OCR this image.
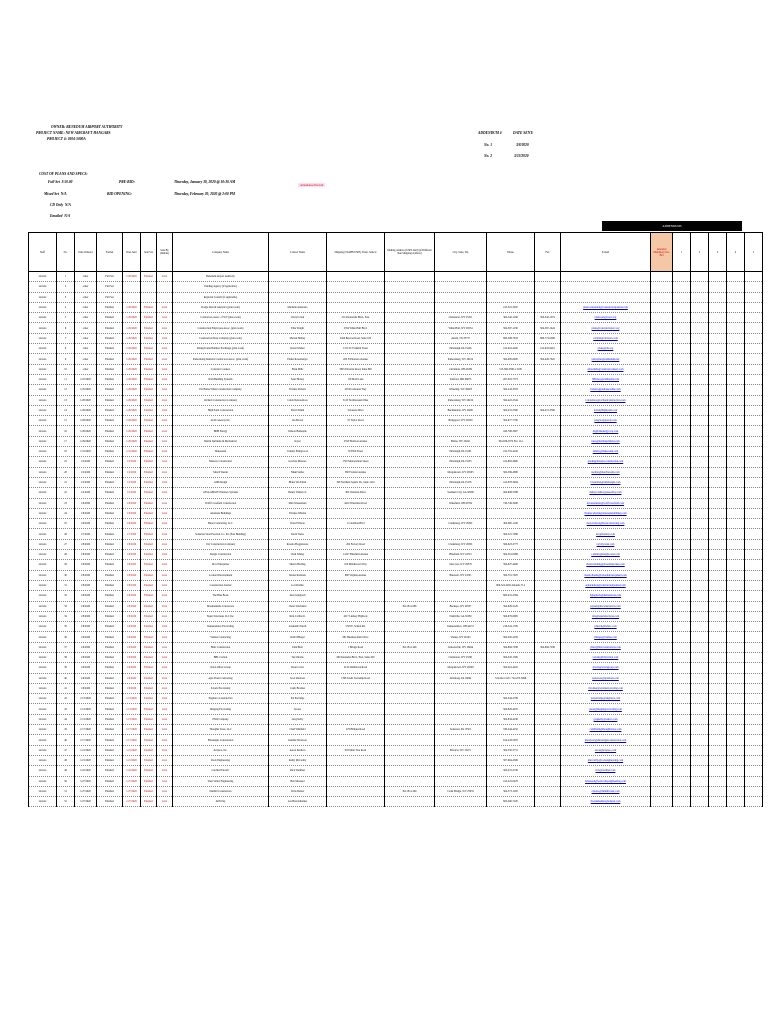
OWNER: BENEDUM AIRPORT AUTHORITY
PROJECT NAME: NEW AIRCRAFT HANGARS
PROJECT #: 0304-5000A
ADDENDUM #	DATE SENT:
No. 1	3/8/2020
No. 2	3/23/2020
COST OF PLANS AND SPECS:
Full Set $ 50.00
Mixed Set N/A
CD Only N/A
Emailed N/A
PRE-BID:	Thursday, January 30, 2020 @ 10:30 AM
Attendance Pre-bid
BID OPENING:	Thursday, February 20, 2020 @ 2:00 PM
ADDENDUMS
Staff	No.	Date Ordered	Format	Date Sent	Sent Via	Sent By (Initials)	Company Name	Contact Name	Shipping (STAPH/USPS) Street, Suite #	Mailing Address (USPS mail) (if Different than Shipping Address)	City, State, Zip	Phone	Fax	E-mail	Attended Mandatory Pre-Bid	1	2	3	4	5
xxxxxx	1	order	Full Set	1/28/2020	Emailed	xxxx	Benedum Airport Authority													
xxxxxx	2	order	Full Set				Pending Agency (if applicable)													
xxxxxx	3	order	Full Set				Regional Council (if applicable)													
xxxxxx	4	order	Emailed	1/29/2020	Emailed	xxxx	Dodge Data & Analytics (plan room)	Michelle Anastasio				415-310-5947		planroomcentral@constructionjournal.com						
xxxxxx	5	order	Emailed	1/29/2020	Emailed	xxxx	Contractors Assoc. of WV (plan room)	Cheryl Clark	2114 Kanawha Blvd., East		Charleston, WV 25311	304-342-1166	304-342-1074	planroom@cawv.org						
xxxxxx	6	order	Emailed	1/29/2020	Emailed	xxxx	Construction Employers Assoc. (plan room)	Ellie Wright	2794 White Hall Blvd.		White Hall, WV 26554	304-367-1230	304-367-1424	plans@constructionwv.org						
xxxxxx	7	order	Emailed	1/29/2020	Emailed	xxxx	Construction Data Company (plan room)	Marian Hadley	4420 Bearcat Road, Suite 100		Austin, TX 78737	800-588-7633	866-774-0098	cdcplan@cdcnews.com						
xxxxxx	8	order	Emailed	1/29/2020	Emailed	xxxx	Pennsylvania Builders Exchange (plan room)	Karen Walker	1313 W. Franklin Street		Pittsburgh, PA 15226	412-922-4200	412-922-9461	plans@pbe.org						
xxxxxx	9	order	Emailed	1/29/2020	Emailed	xxxx	Parkersburg-Marietta Contractors Assoc. (plan room)	Elaine Rosenberger	200 N Emerson Avenue		Parkersburg, WV 26104	304-485-6485	304-428-7622	pmcaplan@suddenlink.net						
xxxxxx	10	order	Emailed	1/29/2020	Emailed	xxxx	Construct Connect	Ellen Mills	3825 Edwards Road, Suite 800		Cincinnati, OH 45209	513-366-3399 x 3109		ellen.mills@constructconnect.com						
xxxxxx	11	1/25/2020	Emailed	1/29/2020	Emailed	xxxx	Roth Building Systems	Sean Hickey	118 Moth Lane		Stanford, MD 66673	267-016-7373		SHickey@rothbuilds.com						
xxxxxx	12	1/25/2020	Emailed	1/29/2020	Emailed	xxxx	Par Hanse White Construction Company	Thomas Roberts	403 Pocahontas Way		Wheeling, WV 26003	304-243-3333		troberts@parhansewhite.com						
xxxxxx	13	1/28/2020	Emailed	1/29/2020	Emailed	xxxx	Orchard Construction Company	Linda Nelson-Ross	3123 Northwestern Pike		Parkersburg, WV 26104	304-422-2344		Linda.Ross@orchardconstruction.com						
xxxxxx	14	1/28/2020	Emailed	1/29/2020	Emailed	xxxx	High Point Construction	David Smith	3 Kansas Drive		Buckhannon, WV 26201	304-472-3590	304-472-3590	david@highpoint.com						
xxxxxx	15	1/28/2020	Emailed	1/29/2020	Emailed	xxxx	ACR Gateway Inc.	Jen Brown	97 Taylor Road		Bridgeport, WV 26330	304-677-7700		jen@acrgateway.com						
xxxxxx	16	1/28/2020	Emailed	1/29/2020	Emailed	xxxx	BDB Energy	Dakota Burkepile				443-798-3607		db@bdbenergycorp.com						
xxxxxx	17	1/29/2020	Emailed	1/29/2020	Emailed	xxxx	Martin Sprinkler & Mechanical	Kaysi	2353 Harrison Avenue		Elkins, WV 26241	304-636-0372 Ext. 114		sales@martinsprinkler.com						
xxxxxx	18	1/31/2020	Emailed	1/31/2020	Emailed	xxxx	Maksoutin	Tammy Ellingwood	50 Fifth Street		Pittsburgh, PA 15201	412-781-4242		tammy@maksoutin.com						
xxxxxx	19	1/2/2020	Emailed	1/2/2020	Emailed	xxxx	Massaro Construction	Graciela Massaro	1720 Metropolitan Street		Pittsburgh, PA 15233	412-963-4600		gradin@massaroconstruction.com						
xxxxxx	20	1/2/2020	Emailed	1/2/2020	Emailed	xxxx	March Westin	Nikki Sadler	360 Frontier Avenue		Morgantown, WV 26505	304-599-4880		nsadler@marchwestin.com						
xxxxxx	21	1/2/2020	Emailed	1/2/2020	Emailed	xxxx	AIM Design	Blake Van Eman	300 Northern Square Dr., Suite 1410		Pittsburgh, PA 15276	412-678-3484		bvaneman@aimdesigns.com						
xxxxxx	22	1/2/2020	Emailed	1/2/2020	Emailed	xxxx	ASSA ABLOY Entrance Systems	Danny Vashaw Jr.	300 Christian Drive		Southern City, GA 30269	404-908-5388		danny.vashaw@assaabloy.com						
xxxxxx	23	1/6/2020	Emailed	1/6/2020	Emailed	xxxx	Wolff Crossfield Construction	Matt Wassemann	4410 Waterman Road		Wakefield, OH 45784	740-749-3490		mwassemann@wolffcrossfield.com						
xxxxxx	24	1/6/2020	Emailed	1/6/2020	Emailed	xxxx	Anastasia Buildings	Thomas Whelan						thomas.whelan@anastasiabuildings.com						
xxxxxx	25	1/6/2020	Emailed	1/6/2020	Emailed	xxxx	Buon Contracting, LLC	David Wilson	1 Columbia Blvd		Clarksburg, WV 26301	304-695-1106		david.wilson@buoncontracting.com						
xxxxxx	26	1/7/2020	Emailed	1/7/2020	Emailed	xxxx	Somerset Steel Erection Co., Inc (Pole Building)	Karin Weiss				304-521-7089		kw@theabcp.com						
xxxxxx	27	1/8/2020	Emailed	1/8/2020	Emailed	xxxx	City Construction Company	Rosetta Hogglestone	204 Factory Road		Clarksburg, WV 26301	304-623-2773		r@cityconst.com						
xxxxxx	28	1/8/2020	Emailed	1/8/2020	Emailed	xxxx	Sturgis Construction	Chad Smiley	14127 Bluefield Avenue		Bluefield, WV 24701	304-561-0068		c.smiley@sturgisconst.com						
xxxxxx	29	1/8/2020	Emailed	1/8/2020	Emailed	xxxx	Dow Enterprises	Shawn Harding	100 Middletown Way		Jane Lew, WV 26378	304-627-4499		shawn.harding@dowenterprises.com						
xxxxxx	30	1/8/2020	Emailed	1/8/2020	Emailed	xxxx	Lockard Development	Monte Rollands	680 Virginia Avenue		Bluewell, WV 24701	304-701-7925		montrollands@lockarddevelopment.com						
xxxxxx	31	1/8/2020	Emailed	1/8/2020	Emailed	xxxx	Construction Journal	Lori Dombo				800-524-5265 Amanda 714		ardonaldson@constructionjournal.com						
xxxxxx	32	1/8/2020	Emailed	1/8/2020	Emailed	xxxx	The Blue Book	Alex Gingbach				800-431-2584		bgingbach@thebluebook.com						
xxxxxx	33	1/8/2020	Emailed	1/8/2020	Emailed	xxxx	Mountainside Contractors	Owen Strickland		P.O. Box 666	Buckeye, WV 26537	304-629-2129		pgreen@msconstruction.com						
xxxxxx	34	1/8/2020	Emailed	1/8/2020	Emailed	xxxx	Napel Structures LLC Inc.	Rick Collins Jr.	1617 Lindsay Highway		Nashville, GA 31639	304-679-0965		rick@napelstructures.com						
xxxxxx	35	1/8/2020	Emailed	1/8/2020	Emailed	xxxx	Independence Excavating	Jeremiah Church	5720 E. Schaaf Rd.		Independence, OH 44131	216-524-1700		jchurch@indexc.com						
xxxxxx	36	1/8/2020	Emailed	1/8/2020	Emailed	xxxx	Vanbus Contracting	Robbi Bhagat	861 Business Park Drive		Vienna, WV 26105	304-295-2259		rbhagat@vanbus.com						
xxxxxx	37	1/9/2020	Emailed	1/9/2020	Emailed	xxxx	Blair Construction	John Blair	1 Bridge Road	P.O. Box 446	Jacksonville, WV 26624	304-884-7038	304-884-7038	jblair@blairconstruction.com						
xxxxxx	38	1/9/2020	Emailed	1/9/2020	Emailed	xxxx	BBL Carlton	Ted Odoms	600 Kanawha Blvd., Ezel, Suite 200		Charleston, WV 25301	304-345-1300		todoms@bblcarlton.com						
xxxxxx	39	1/9/2020	Emailed	1/9/2020	Emailed	xxxx	Orion Oliver Group	Dean Crotts	2116 Smithtown Road		Morgantown, WV 26508	304-291-4422		dcrotts@oriongroup.com						
xxxxxx	40	1/9/2020	Emailed	1/9/2020	Emailed	xxxx	Ajax Fuels Contracting	Scott Peterson	1398 South Township Road		Allenberg, PA 18064	724-422-1218 / 724-255-3696		speterson@ajaxfuels.com						
xxxxxx	41	1/9/2020	Emailed	1/9/2020	Emailed	xxxx	Solaris Excavating	Caleb Brodner						cbrodner@solarisexcavating.com						
xxxxxx	42	1/13/2020	Emailed	1/13/2020	Emailed	xxxx	Enginuca Construction	Pat Partridge				304-344-2798		patpartridge@enginuca.com						
xxxxxx	43	1/13/2020	Emailed	1/13/2020	Emailed	xxxx	Imaging Excavating	Jasona				304-829-4435		jason@imagingexcavating.com						
xxxxxx	44	1/13/2020	Emailed	1/13/2020	Emailed	xxxx	ESM Company	Greg Kelly				304-834-4236		gregkelly@esmco.com						
xxxxxx	45	1/17/2020	Emailed	1/17/2020	Emailed	xxxx	Thoughts Trees, LLC	Chad Whitfield	470 Hilltaka Road		Somerset, PA 15501	330-444-4232		cwhitfield@thoughtstrees.com						
xxxxxx	46	1/17/2020	Emailed	1/17/2020	Emailed	xxxx	Ehrsanigns Construction	Jennifer Morrison				814-443-5670		jmorrison@ehrsanignsconstruction.com						
xxxxxx	47	1/21/2020	Emailed	1/21/2020	Emailed	xxxx	Artqnoo, Inc.	Aaron Pettibon	603 Main Tree Road		Elkview, WV 25071	304-550-3731		aaron@artqnoo.com						
xxxxxx	48	1/21/2020	Emailed	1/21/2020	Emailed	xxxx	Rock Engineering	Kathy McCarthy				307-964-4596		kmccarthy@rockengineering.com						
xxxxxx	49	1/22/2020	Emailed	1/22/2020	Emailed	xxxx	Cardinal Electric	Rick Wallman				304-472-4740		rick@cardinal.com						
xxxxxx	50	1/27/2020	Emailed	1/27/2020	Emailed	xxxx	West Valley Engineering	Ben Massaad				412-225-0476		bmassaad@westvalleyengineering.com						
xxxxxx	51	1/27/2020	Emailed	1/27/2020	Emailed	xxxx	Dunhill Construction	Chris Dexter		P.O. Box 409	Cedar Bridge, WV 25035	304-573-1295		cdexter@dunhillconst.com						
xxxxxx	52	1/27/2020	Emailed	1/27/2020	Emailed	xxxx	ADS Pep	Lea Barsterheimer				603-260-7220		lbarsterheimer@adspep.com						
